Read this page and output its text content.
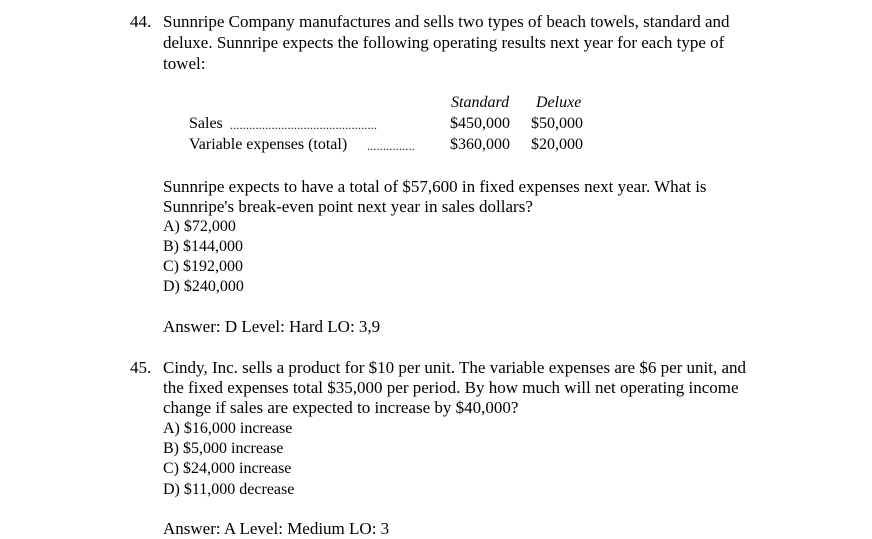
44. Sunnripe Company manufactures and sells two types of beach towels, standard and
deluxe. Sunnripe expects the following operating results next year for each type of
towel:
Standard Deluxe
Sales ..............................................	$450,000 $50,000
Variable expenses (total) ...............	$360,000 $20,000
Sunnripe expects to have a total of $57,600 in fixed expenses next year. What is
Sunnripe's break-even point next year in sales dollars?
A) $72,000
B) $144,000
C) $192,000
D) $240,000
Answer: D Level: Hard LO: 3,9
45. Cindy, Inc. sells a product for $10 per unit. The variable expenses are $6 per unit, and
the fixed expenses total $35,000 per period. By how much will net operating income
change if sales are expected to increase by $40,000?
A) $16,000 increase
B) $5,000 increase
C) $24,000 increase
D) $11,000 decrease
Answer: A Level: Medium LO: 3
